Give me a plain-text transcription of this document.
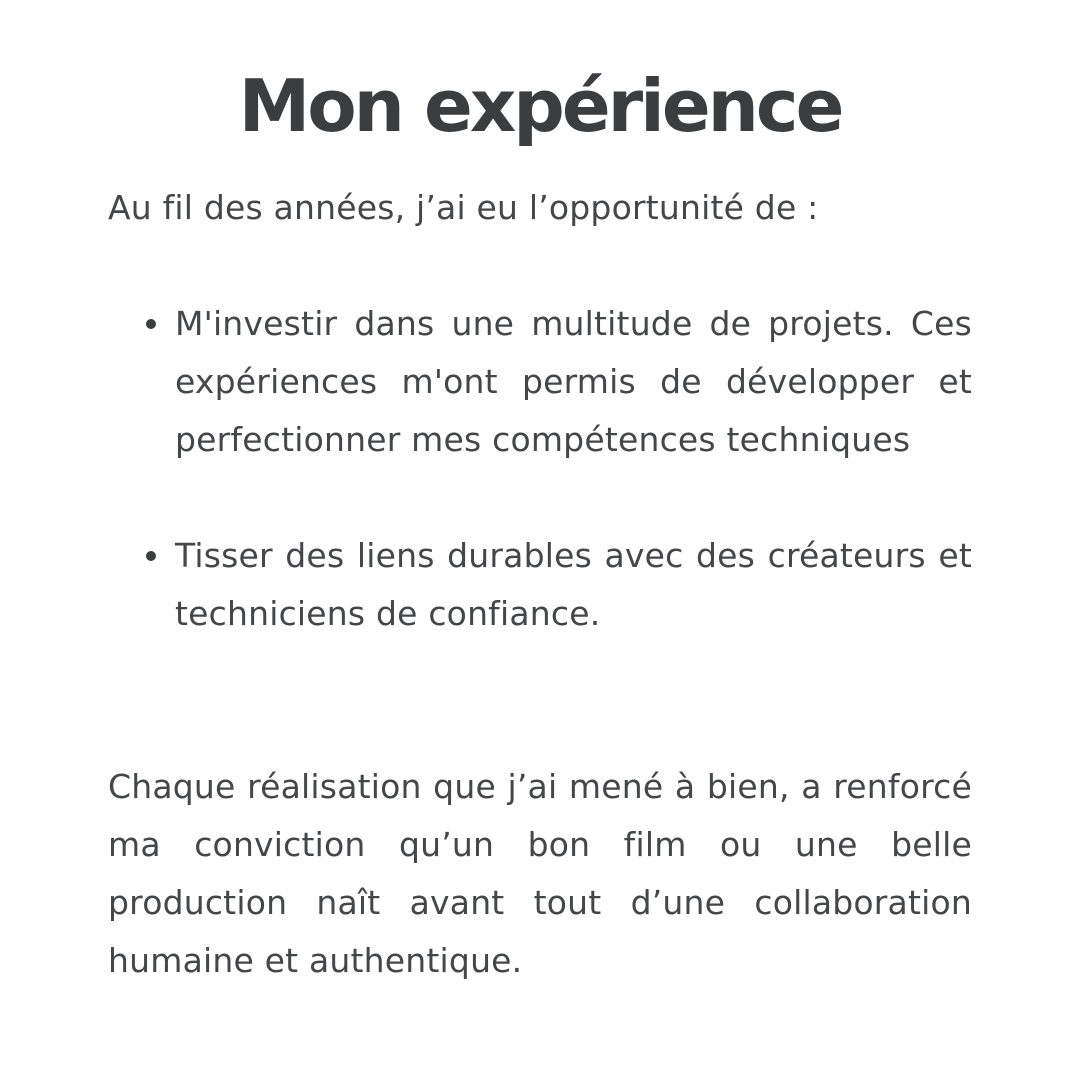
Mon expérience

Au fil des années, j’ai eu l’opportunité de :

M'investir dans une multitude de projets. Ces expériences m'ont permis de développer et perfectionner mes compétences techniques
Tisser des liens durables avec des créateurs et techniciens de confiance.

Chaque réalisation que j’ai mené à bien, a renforcé ma conviction qu’un bon film ou une belle production naît avant tout d’une collaboration humaine et authentique.
